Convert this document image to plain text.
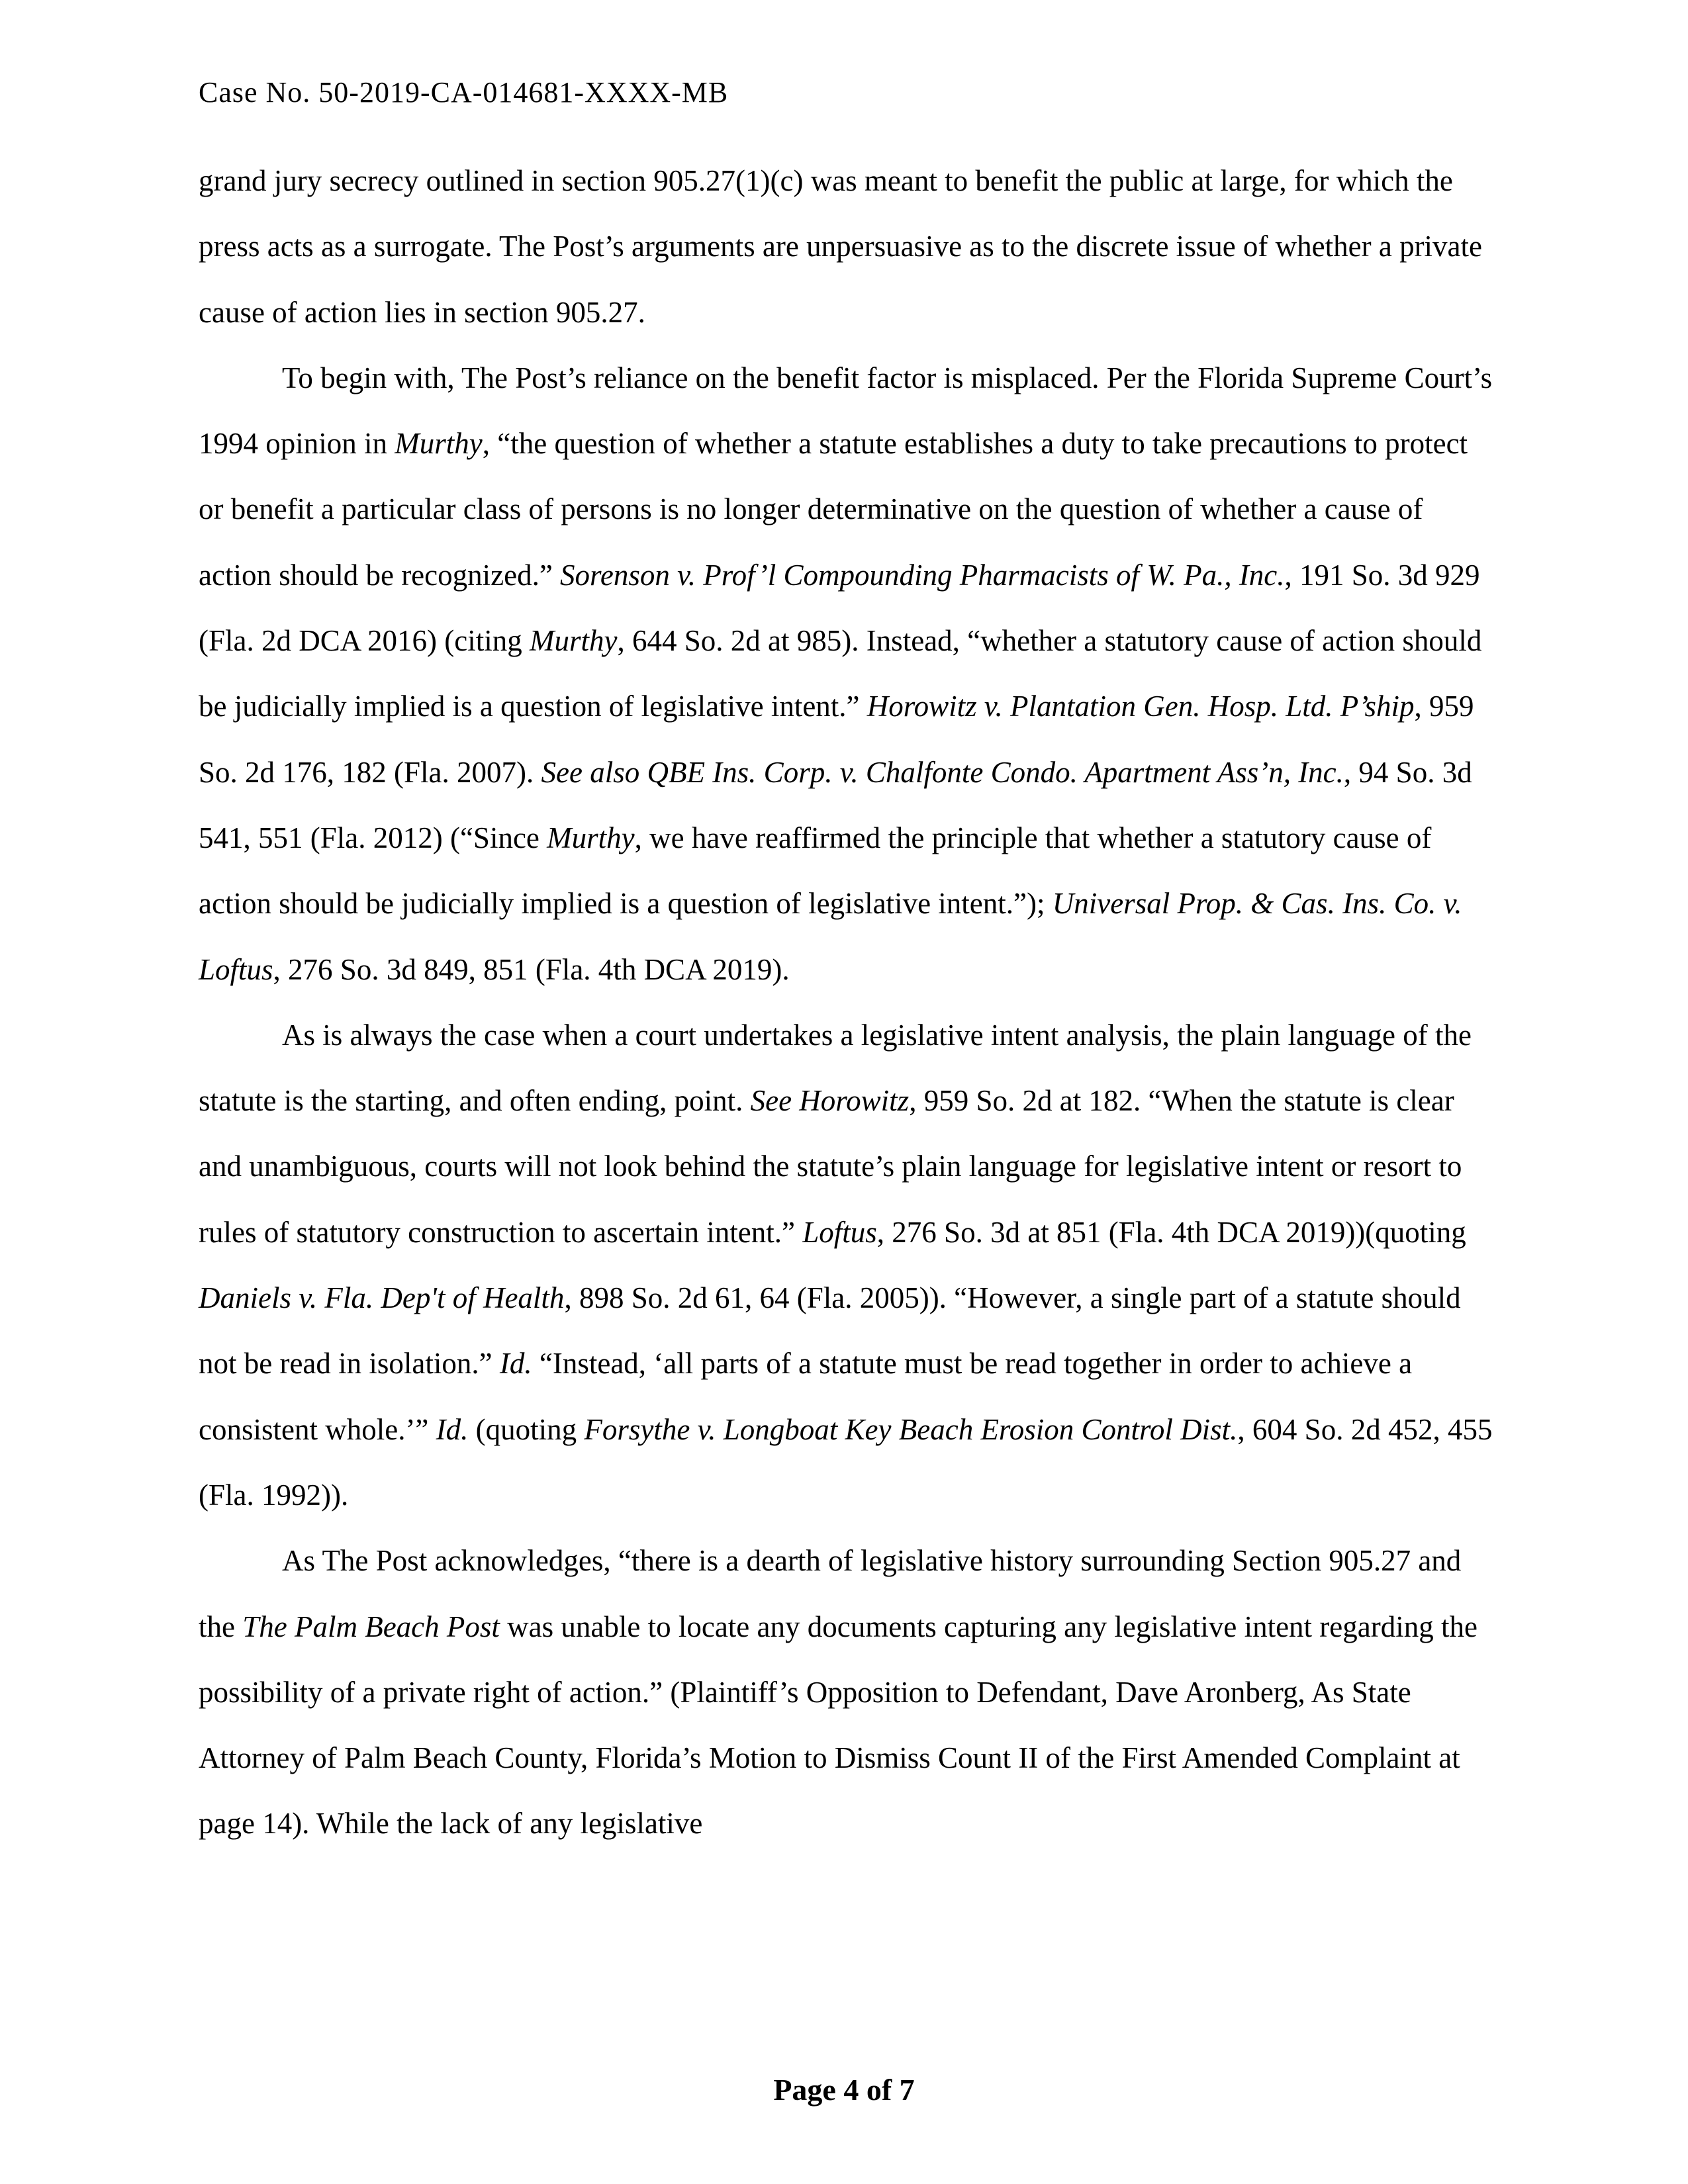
Case No. 50-2019-CA-014681-XXXX-MB

grand jury secrecy outlined in section 905.27(1)(c) was meant to benefit the public at large, for which the press acts as a surrogate. The Post’s arguments are unpersuasive as to the discrete issue of whether a private cause of action lies in section 905.27.

To begin with, The Post’s reliance on the benefit factor is misplaced. Per the Florida Supreme Court’s 1994 opinion in Murthy, “the question of whether a statute establishes a duty to take precautions to protect or benefit a particular class of persons is no longer determinative on the question of whether a cause of action should be recognized.” Sorenson v. Prof’l Compounding Pharmacists of W. Pa., Inc., 191 So. 3d 929 (Fla. 2d DCA 2016) (citing Murthy, 644 So. 2d at 985). Instead, “whether a statutory cause of action should be judicially implied is a question of legislative intent.” Horowitz v. Plantation Gen. Hosp. Ltd. P’ship, 959 So. 2d 176, 182 (Fla. 2007). See also QBE Ins. Corp. v. Chalfonte Condo. Apartment Ass’n, Inc., 94 So. 3d 541, 551 (Fla. 2012) (“Since Murthy, we have reaffirmed the principle that whether a statutory cause of action should be judicially implied is a question of legislative intent.”); Universal Prop. & Cas. Ins. Co. v. Loftus, 276 So. 3d 849, 851 (Fla. 4th DCA 2019).

As is always the case when a court undertakes a legislative intent analysis, the plain language of the statute is the starting, and often ending, point. See Horowitz, 959 So. 2d at 182. “When the statute is clear and unambiguous, courts will not look behind the statute’s plain language for legislative intent or resort to rules of statutory construction to ascertain intent.” Loftus, 276 So. 3d at 851 (Fla. 4th DCA 2019))(quoting Daniels v. Fla. Dep't of Health, 898 So. 2d 61, 64 (Fla. 2005)). “However, a single part of a statute should not be read in isolation.” Id. “Instead, ‘all parts of a statute must be read together in order to achieve a consistent whole.’” Id. (quoting Forsythe v. Longboat Key Beach Erosion Control Dist., 604 So. 2d 452, 455 (Fla. 1992)).

As The Post acknowledges, “there is a dearth of legislative history surrounding Section 905.27 and the The Palm Beach Post was unable to locate any documents capturing any legislative intent regarding the possibility of a private right of action.” (Plaintiff’s Opposition to Defendant, Dave Aronberg, As State Attorney of Palm Beach County, Florida’s Motion to Dismiss Count II of the First Amended Complaint at page 14). While the lack of any legislative

Page 4 of 7
